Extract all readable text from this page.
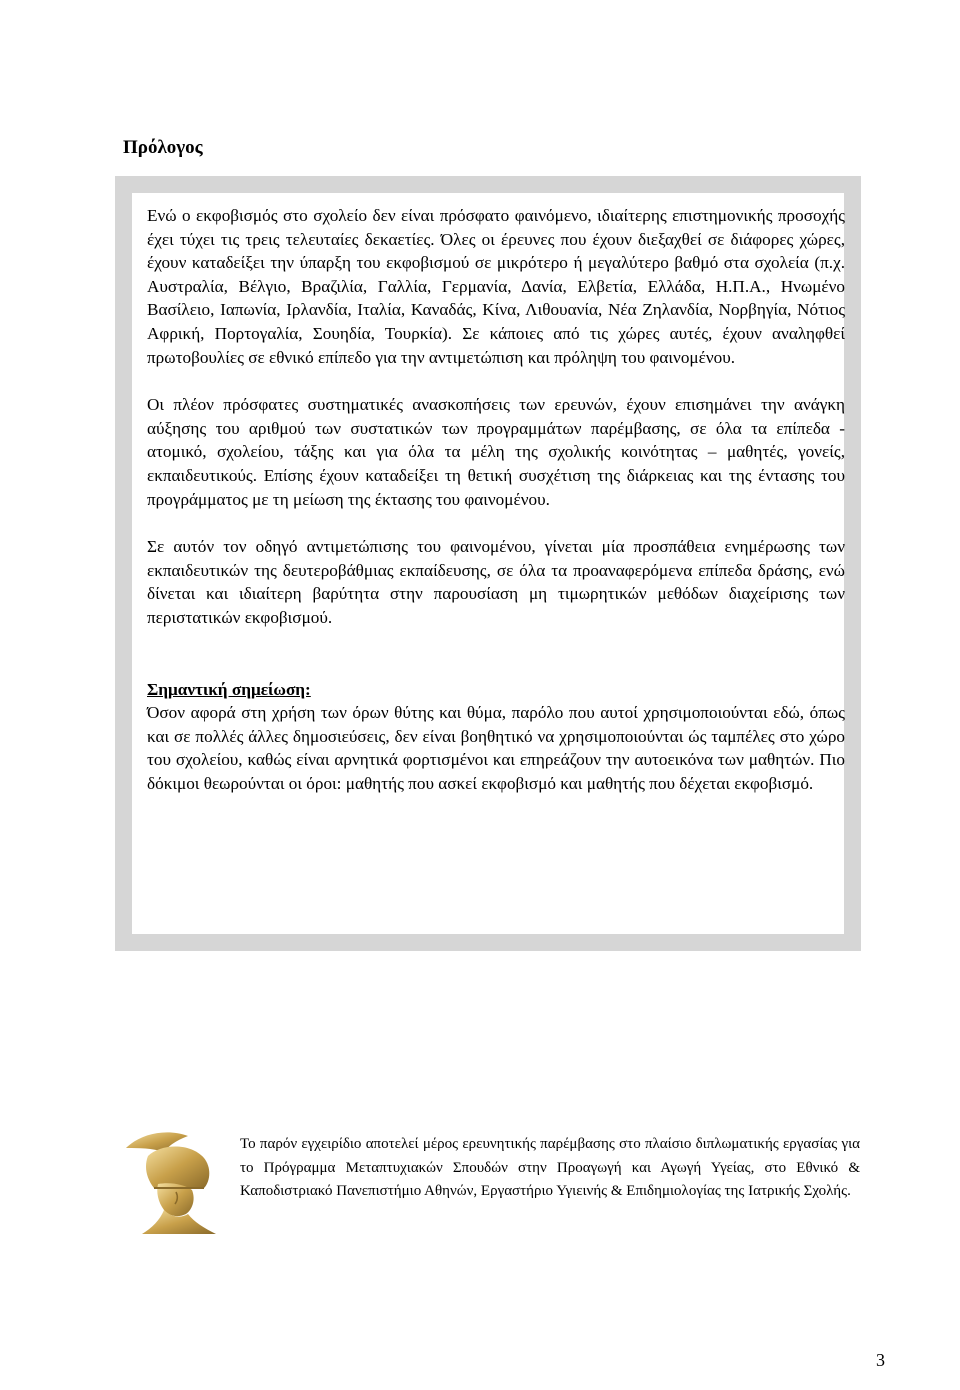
Πρόλογος

Ενώ ο εκφοβισμός στο σχολείο δεν είναι πρόσφατο φαινόμενο, ιδιαίτερης επιστημονικής προσοχής έχει τύχει τις τρεις τελευταίες δεκαετίες. Όλες οι έρευνες που έχουν διεξαχθεί σε διάφορες χώρες, έχουν καταδείξει την ύπαρξη του εκφοβισμού σε μικρότερο ή μεγαλύτερο βαθμό στα σχολεία (π.χ. Αυστραλία, Βέλγιο, Βραζιλία, Γαλλία, Γερμανία, Δανία, Ελβετία, Ελλάδα, Η.Π.Α., Ηνωμένο Βασίλειο, Ιαπωνία, Ιρλανδία, Ιταλία, Καναδάς, Κίνα, Λιθουανία, Νέα Ζηλανδία, Νορβηγία, Νότιος Αφρική, Πορτογαλία, Σουηδία, Τουρκία). Σε κάποιες από τις χώρες αυτές, έχουν αναληφθεί πρωτοβουλίες σε εθνικό επίπεδο για την αντιμετώπιση και πρόληψη του φαινομένου.

Οι πλέον πρόσφατες συστηματικές ανασκοπήσεις των ερευνών, έχουν επισημάνει την ανάγκη αύξησης του αριθμού των συστατικών των προγραμμάτων παρέμβασης, σε όλα τα επίπεδα - ατομικό, σχολείου, τάξης και για όλα τα μέλη της σχολικής κοινότητας – μαθητές, γονείς, εκπαιδευτικούς. Επίσης έχουν καταδείξει τη θετική συσχέτιση της διάρκειας και της έντασης του προγράμματος με τη μείωση της έκτασης του φαινομένου.

Σε αυτόν τον οδηγό αντιμετώπισης του φαινομένου, γίνεται μία προσπάθεια ενημέρωσης των εκπαιδευτικών της δευτεροβάθμιας εκπαίδευσης, σε όλα τα προαναφερόμενα επίπεδα δράσης, ενώ δίνεται και ιδιαίτερη βαρύτητα στην παρουσίαση μη τιμωρητικών μεθόδων διαχείρισης των περιστατικών εκφοβισμού.

Σημαντική σημείωση:

Όσον αφορά στη χρήση των όρων θύτης και θύμα, παρόλο που αυτοί χρησιμοποιούνται εδώ, όπως και σε πολλές άλλες δημοσιεύσεις, δεν είναι βοηθητικό να χρησιμοποιούνται ώς ταμπέλες στο χώρο του σχολείου, καθώς είναι αρνητικά φορτισμένοι και επηρεάζουν την αυτοεικόνα των μαθητών. Πιο δόκιμοι θεωρούνται οι όροι: μαθητής που ασκεί εκφοβισμό και μαθητής που δέχεται εκφοβισμό.

Το παρόν εγχειρίδιο αποτελεί μέρος ερευνητικής παρέμβασης στο πλαίσιο διπλωματικής εργασίας για το Πρόγραμμα Μεταπτυχιακών Σπουδών στην Προαγωγή και Αγωγή Υγείας, στο Εθνικό & Καποδιστριακό Πανεπιστήμιο Αθηνών, Εργαστήριο Υγιεινής & Επιδημιολογίας της Ιατρικής Σχολής.

3
